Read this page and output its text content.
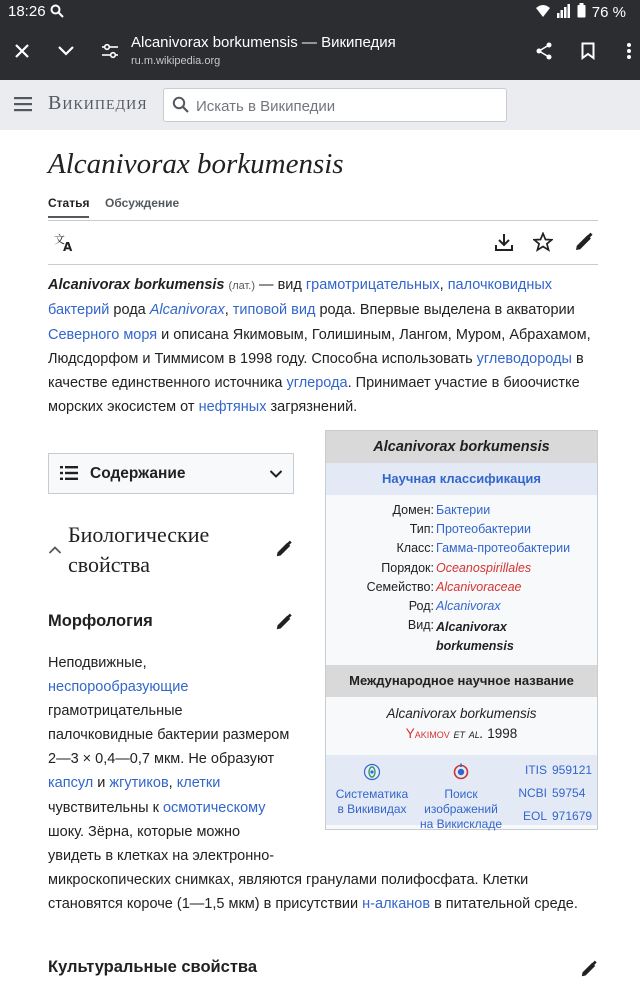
18:26	76 %
Alcanivorax borkumensis — Википедия
ru.m.wikipedia.org
Википедия
Искать в Википедии
Alcanivorax borkumensis
Статья Обсуждение
文
A
Alcanivorax borkumensis (лат.) — вид грамотрицательных, палочковидных бактерий рода Alcanivorax, типовой вид рода. Впервые выделена в акватории Северного моря и описана Якимовым, Голишиным, Лангом, Муром, Абрахамом, Людсдорфом и Тиммисом в 1998 году. Способна использовать углеводороды в качестве единственного источника углерода. Принимает участие в биоочистке морских экосистем от нефтяных загрязнений.
Содержание
Биологические свойства
Морфология
Неподвижные,
неспорообразующие
грамотрицательные
палочковидные бактерии размером
2—3 × 0,4—0,7 мкм. Не образуют
капсул и жгутиков, клетки
чувствительны к осмотическому
шоку. Зёрна, которые можно
увидеть в клетках на электронно-
микроскопических снимках, являются гранулами полифосфата. Клетки
становятся короче (1—1,5 мкм) в присутствии н-алканов в питательной среде.
Культуральные свойства
Alcanivorax borkumensis
Научная классификация
Домен: Бактерии
Тип: Протеобактерии
Класс: Гамма-протеобактерии
Порядок: Oceanospirillales
Семейство: Alcanivoraceae
Род: Alcanivorax
Вид: Alcanivorax borkumensis
Международное научное название
Alcanivorax borkumensis
Yakimov et al. 1998
Систематика
в Викивидах
Поиск изображений
на Викискладе
ITIS 959121
NCBI 59754
EOL 971679
